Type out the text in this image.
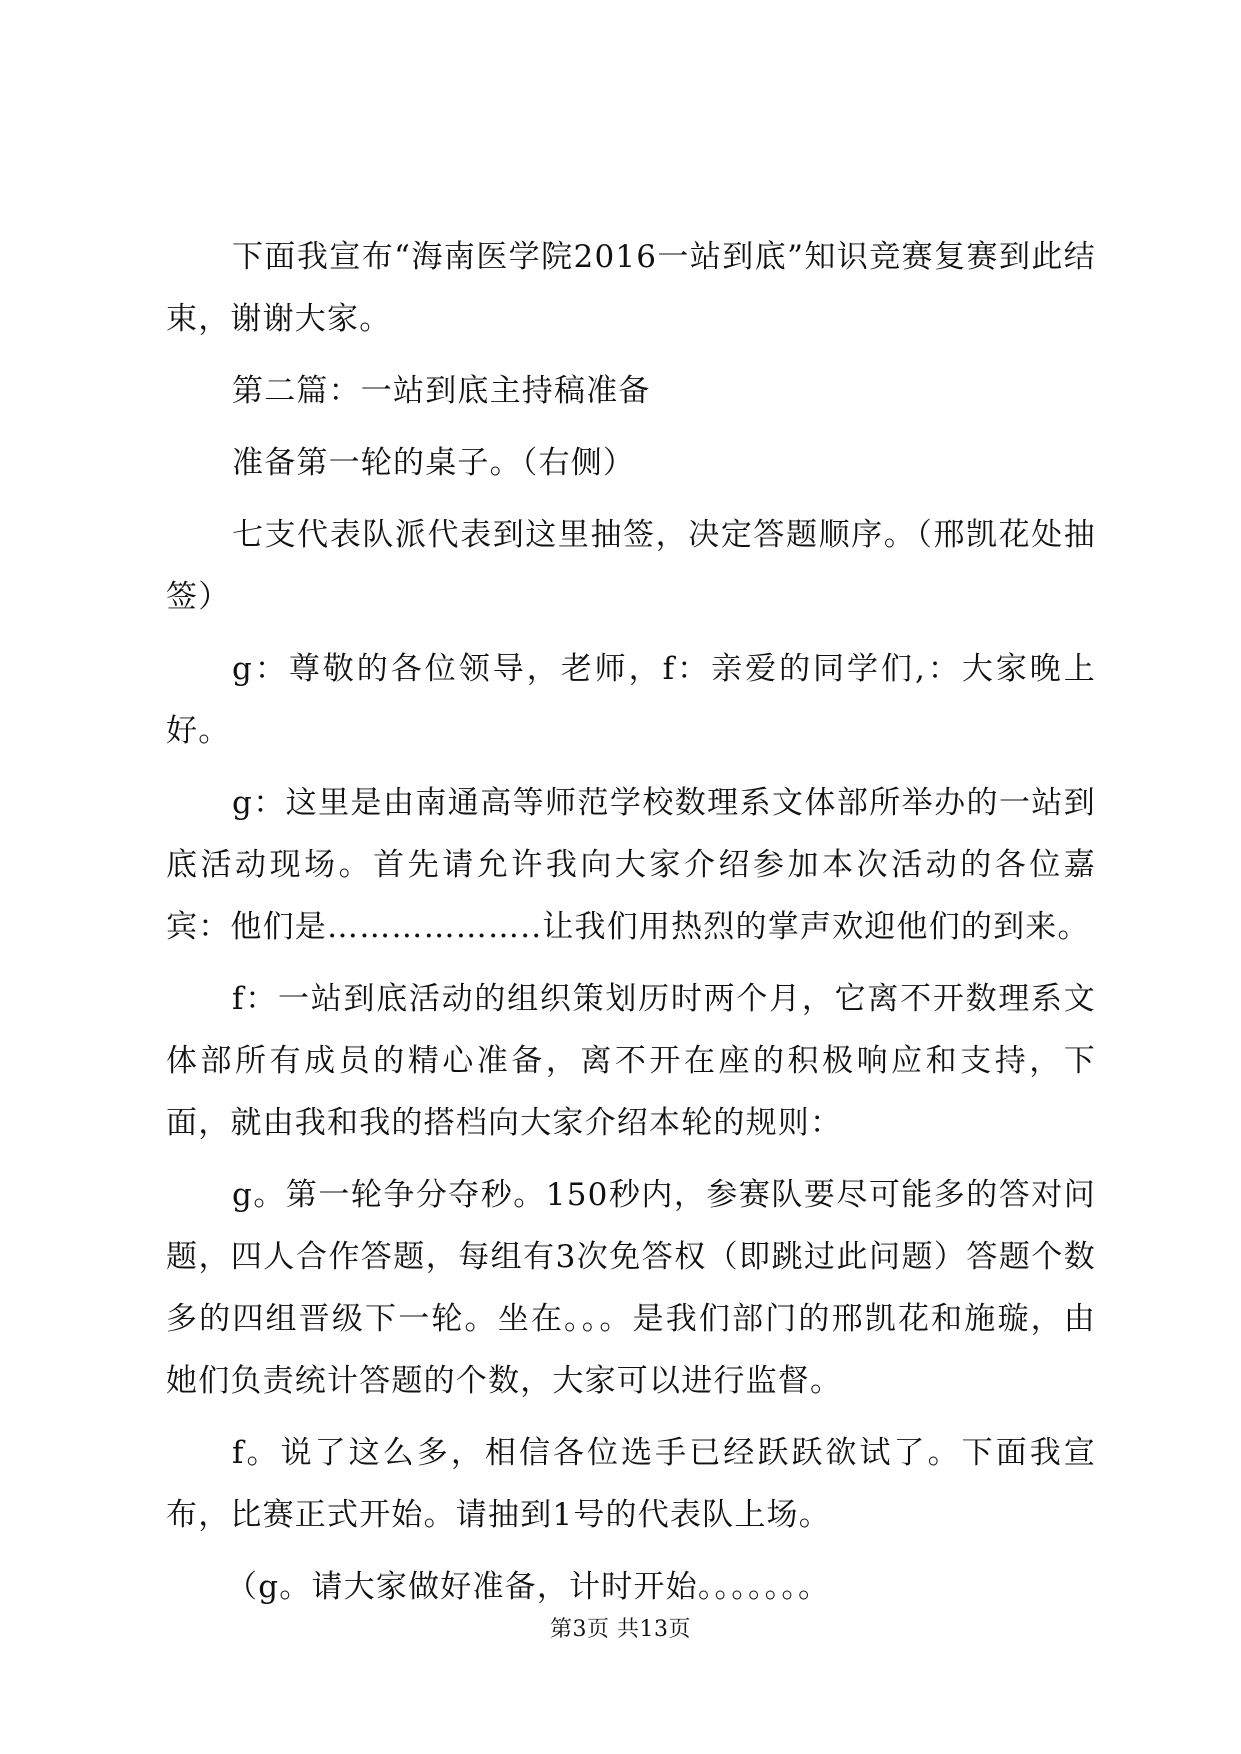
下面我宣布“海南医学院2016一站到底”知识竞赛复赛到此结束，谢谢大家。

第二篇：一站到底主持稿准备

准备第一轮的桌子。（右侧）

七支代表队派代表到这里抽签，决定答题顺序。（邢凯花处抽签）

g：尊敬的各位领导，老师，f：亲爱的同学们,：大家晚上好。

g：这里是由南通高等师范学校数理系文体部所举办的一站到底活动现场。首先请允许我向大家介绍参加本次活动的各位嘉宾：他们是………………..让我们用热烈的掌声欢迎他们的到来。

f：一站到底活动的组织策划历时两个月，它离不开数理系文体部所有成员的精心准备，离不开在座的积极响应和支持，下面，就由我和我的搭档向大家介绍本轮的规则：

g。第一轮争分夺秒。150秒内，参赛队要尽可能多的答对问题，四人合作答题，每组有3次免答权（即跳过此问题）答题个数多的四组晋级下一轮。坐在。。。是我们部门的邢凯花和施璇，由她们负责统计答题的个数，大家可以进行监督。

f。说了这么多，相信各位选手已经跃跃欲试了。下面我宣布，比赛正式开始。请抽到1号的代表队上场。

（g。请大家做好准备，计时开始。。。。。。。

第3页 共13页
